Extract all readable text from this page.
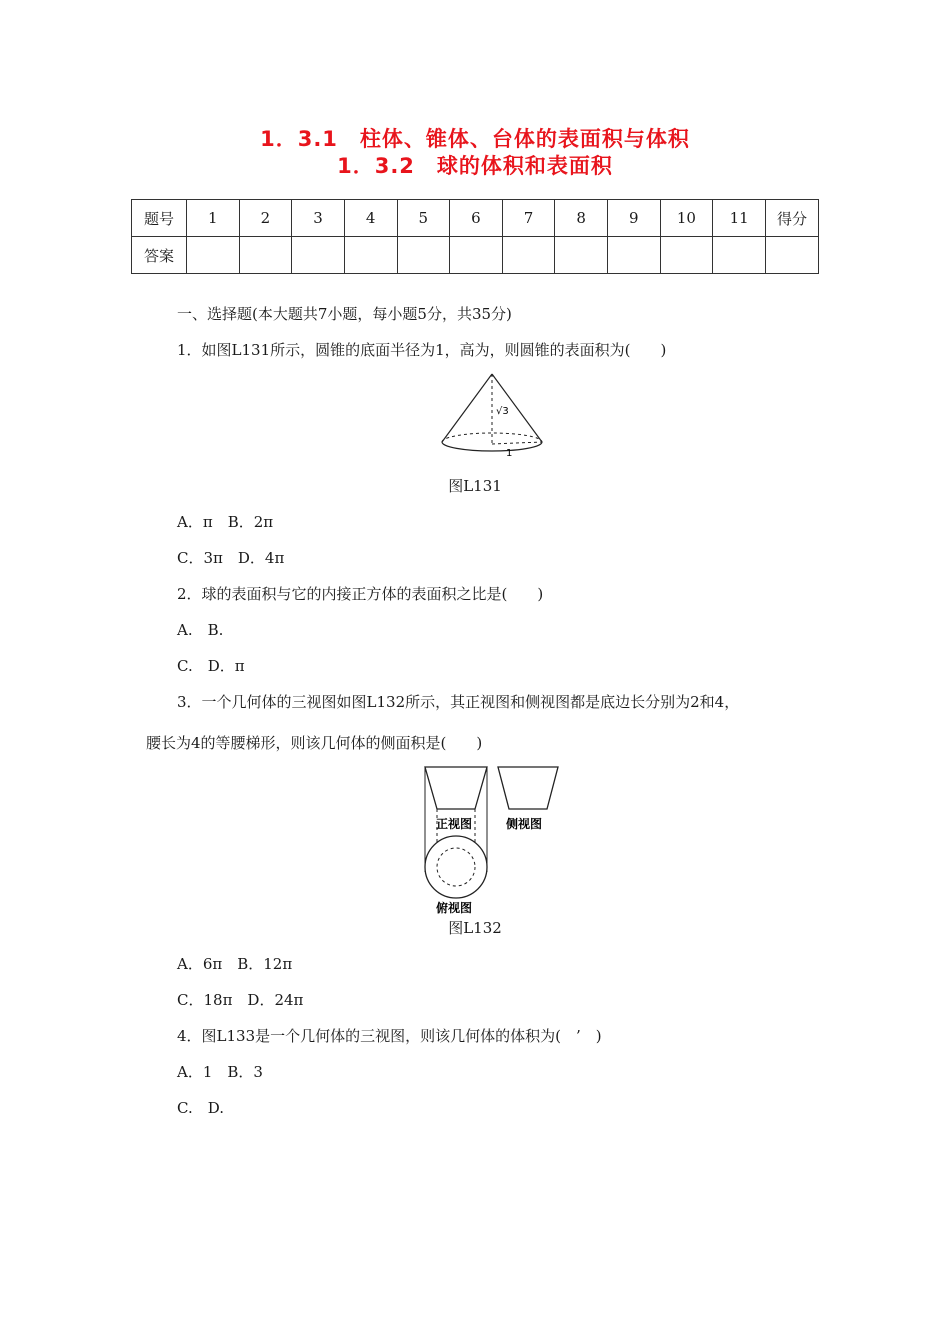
1．3.1　柱体、锥体、台体的表面积与体积
1．3.2　球的体积和表面积
题号	1	2	3	4	5	6	7	8	9	10	11	得分
答案												
一、选择题(本大题共7小题，每小题5分，共35分)
1．如图L131所示，圆锥的底面半径为1，高为，则圆锥的表面积为(　　)
√3
1
图L131
A．π　B．2π
C．3π　D．4π
2．球的表面积与它的内接正方体的表面积之比是(　　)
A.　B.
C.　D．π
3．一个几何体的三视图如图L132所示，其正视图和侧视图都是底边长分别为2和4，
腰长为4的等腰梯形，则该几何体的侧面积是(　　)
正视图	侧视图
俯视图
图L132
A．6π　B．12π
C．18π　D．24π
4．图L133是一个几何体的三视图，则该几何体的体积为(　’　)
A．1　B．3
C.　D.
